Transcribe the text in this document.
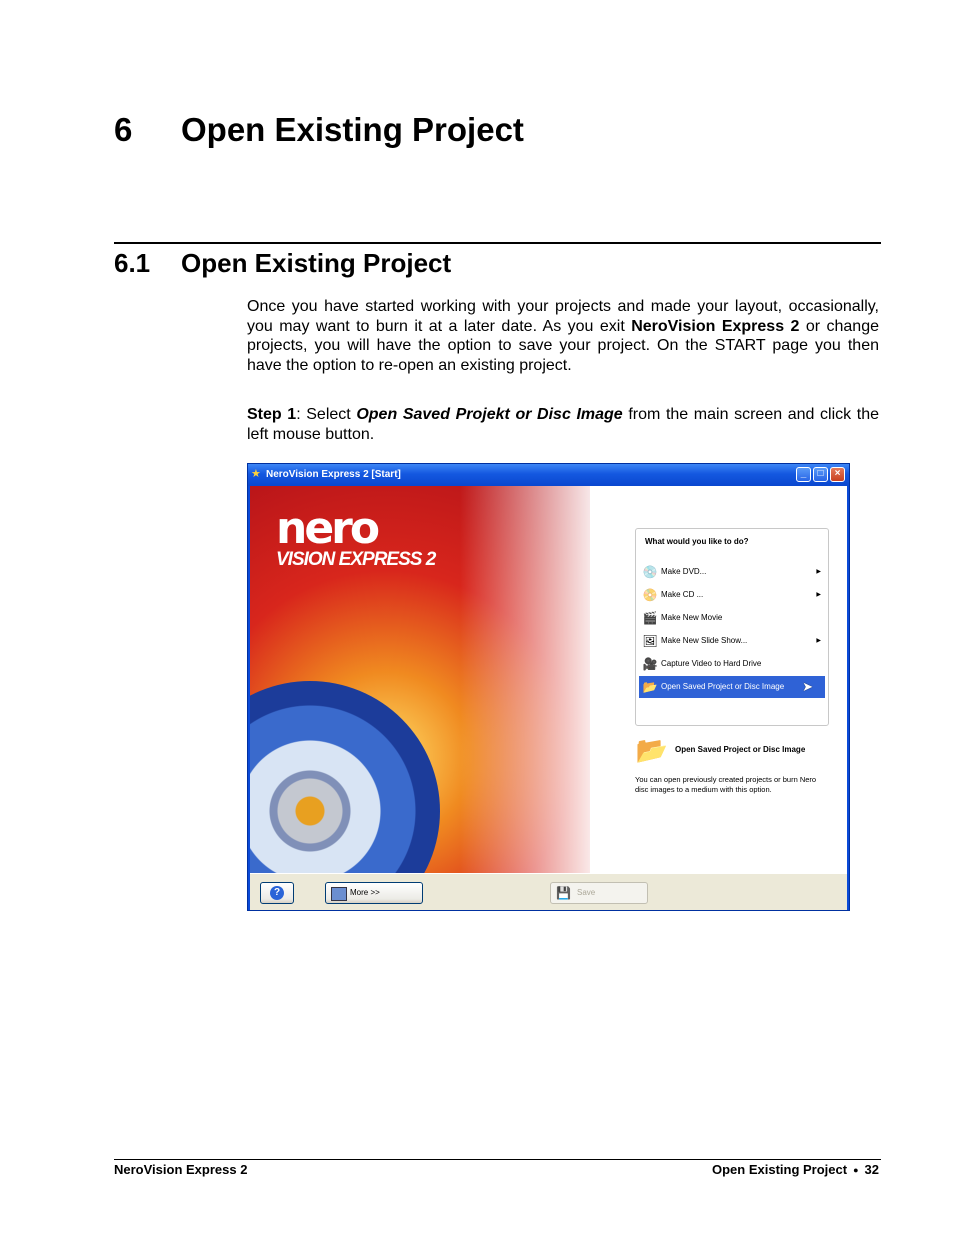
6 Open Existing Project
6.1 Open Existing Project

Once you have started working with your projects and made your layout, occasionally, you may want to burn it at a later date. As you exit NeroVision Express 2 or change projects, you will have the option to save your project. On the START page you then have the option to re-open an existing project.

Step 1: Select Open Saved Projekt or Disc Image from the main screen and click the left mouse button.

★ NeroVision Express 2 [Start]	_	□	×
nero
VISION EXPRESS 2
What would you like to do?
💿 Make DVD...	▶
📀 Make CD ...	▶
🎬 Make New Movie
🖼 Make New Slide Show...	▶
🎥 Capture Video to Hard Drive
📂 Open Saved Project or Disc Image ➤
📂 Open Saved Project or Disc Image
You can open previously created projects or burn Nero disc images to a medium with this option.
?	More >>	💾 Save
NeroVision Express 2	Open Existing Project ● 32
